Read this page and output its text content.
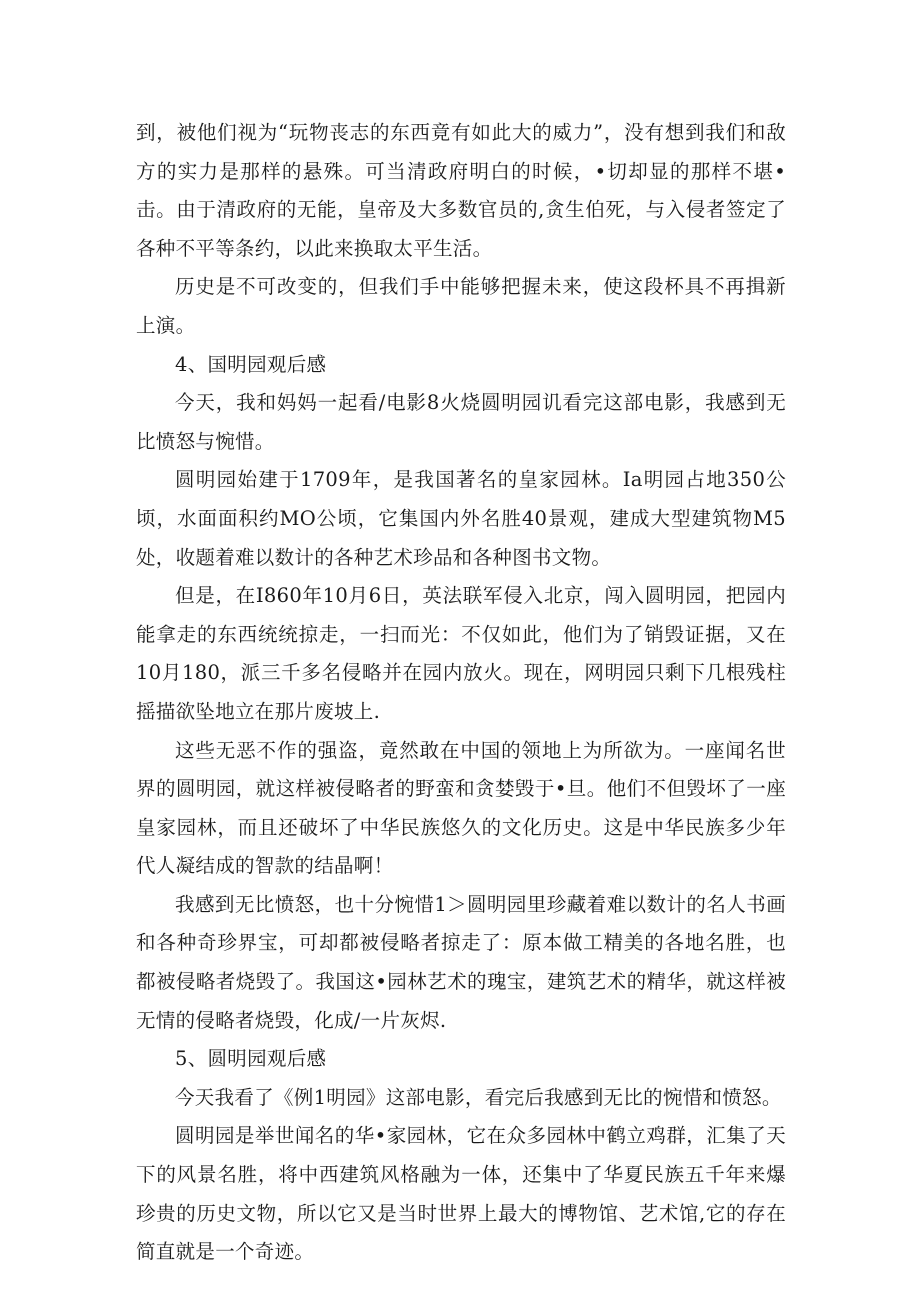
到，被他们视为“玩物丧志的东西竟有如此大的威力”，没有想到我们和敌方的实力是那样的悬殊。可当清政府明白的时候，•切却显的那样不堪•击。由于清政府的无能，皇帝及大多数官员的,贪生伯死，与入侵者签定了各种不平等条约，以此来换取太平生活。

历史是不可改变的，但我们手中能够把握未来，使这段杯具不再揖新上演。

4、国明园观后感

今天，我和妈妈一起看/电影8火烧圆明园讥看完这部电影，我感到无比愤怒与惋惜。

圆明园始建于1709年，是我国著名的皇家园林。Ia明园占地350公顷，水面面积约MO公顷，它集国内外名胜40景观，建成大型建筑物M5处，收题着难以数计的各种艺术珍品和各种图书文物。

但是，在I860年10月6日，英法联军侵入北京，闯入圆明园，把园内能拿走的东西统统掠走，一扫而光：不仅如此，他们为了销毁证据，又在10月180，派三千多名侵略并在园内放火。现在，网明园只剩下几根残柱摇描欲坠地立在那片废坡上.

这些无恶不作的强盗，竟然敢在中国的领地上为所欲为。一座闻名世界的圆明园，就这样被侵略者的野蛮和贪婪毁于•旦。他们不但毁坏了一座皇家园林，而且还破坏了中华民族悠久的文化历史。这是中华民族多少年代人凝结成的智款的结晶啊！

我感到无比愤怒，也十分惋惜1＞圆明园里珍藏着难以数计的名人书画和各种奇珍界宝，可却都被侵略者掠走了：原本做工精美的各地名胜，也都被侵略者烧毁了。我国这•园林艺术的瑰宝，建筑艺术的精华，就这样被无情的侵略者烧毁，化成/一片灰烬.

5、圆明园观后感

今天我看了《例1明园》这部电影，看完后我感到无比的惋惜和愤怒。

圆明园是举世闻名的华•家园林，它在众多园林中鹤立鸡群，汇集了天下的风景名胜，将中西建筑风格融为一体，还集中了华夏民族五千年来爆珍贵的历史文物，所以它又是当时世界上最大的博物馆、艺术馆,它的存在简直就是一个奇迹。
